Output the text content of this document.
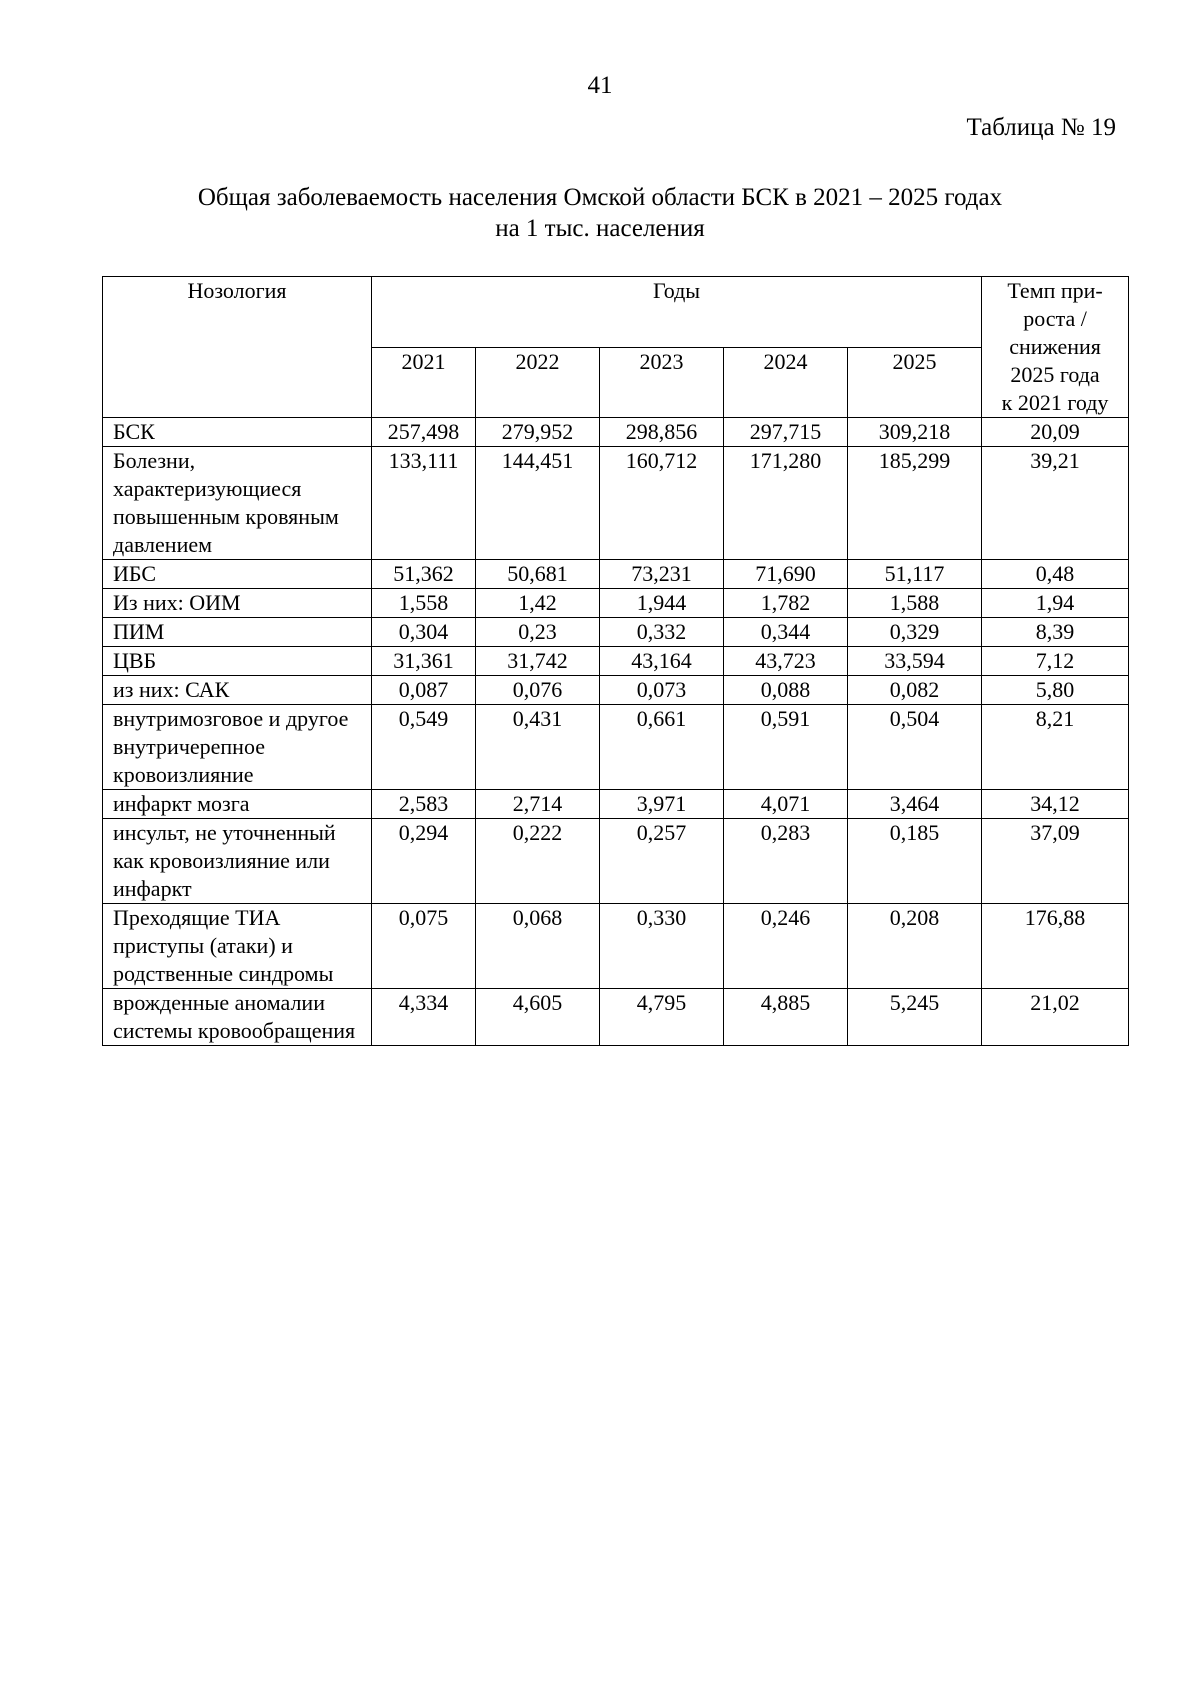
41
Таблица № 19
Общая заболеваемость населения Омской области БСК в 2021 – 2025 годах
на 1 тыс. населения
Нозология	Годы					Темп при-
роста /
снижения
2025 года
к 2021 году
	2021	2022	2023	2024	2025	
БСК	257,498	279,952	298,856	297,715	309,218	20,09
Болезни, характеризующиеся повышенным кровяным давлением	133,111	144,451	160,712	171,280	185,299	39,21
ИБС	51,362	50,681	73,231	71,690	51,117	0,48
Из них: ОИМ	1,558	1,42	1,944	1,782	1,588	1,94
ПИМ	0,304	0,23	0,332	0,344	0,329	8,39
ЦВБ	31,361	31,742	43,164	43,723	33,594	7,12
из них: САК	0,087	0,076	0,073	0,088	0,082	5,80
внутримозговое и другое внутричерепное кровоизлияние	0,549	0,431	0,661	0,591	0,504	8,21
инфаркт мозга	2,583	2,714	3,971	4,071	3,464	34,12
инсульт, не уточненный как кровоизлияние или инфаркт	0,294	0,222	0,257	0,283	0,185	37,09
Преходящие ТИА приступы (атаки) и родственные синдромы	0,075	0,068	0,330	0,246	0,208	176,88
врожденные аномалии системы кровообращения	4,334	4,605	4,795	4,885	5,245	21,02
